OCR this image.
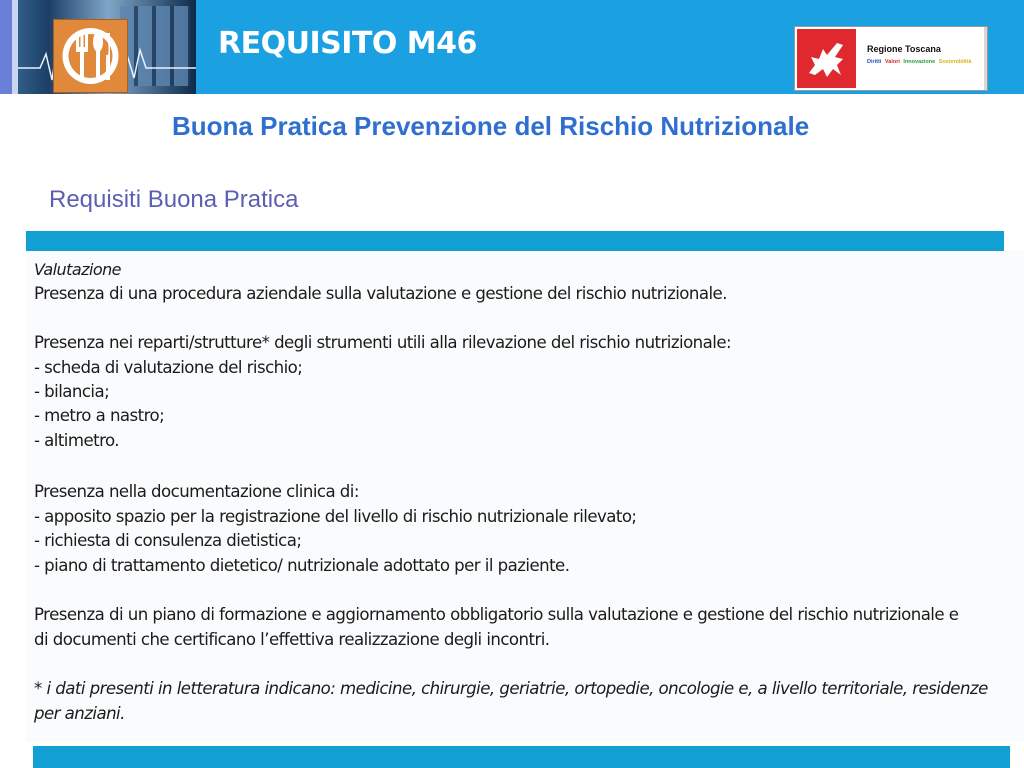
REQUISITO M46	Regione Toscana
Diritti Valori Innovazione Sostenibilità
Buona Pratica Prevenzione del Rischio Nutrizionale
Requisiti Buona Pratica
Valutazione
Presenza di una procedura aziendale sulla valutazione e gestione del rischio nutrizionale.
Presenza nei reparti/strutture* degli strumenti utili alla rilevazione del rischio nutrizionale:
- scheda di valutazione del rischio;
- bilancia;
- metro a nastro;
- altimetro.
Presenza nella documentazione clinica di:
- apposito spazio per la registrazione del livello di rischio nutrizionale rilevato;
- richiesta di consulenza dietistica;
- piano di trattamento dietetico/ nutrizionale adottato per il paziente.
Presenza di un piano di formazione e aggiornamento obbligatorio sulla valutazione e gestione del rischio nutrizionale e
di documenti che certificano l’effettiva realizzazione degli incontri.
* i dati presenti in letteratura indicano: medicine, chirurgie, geriatrie, ortopedie, oncologie e, a livello territoriale, residenze
per anziani.
